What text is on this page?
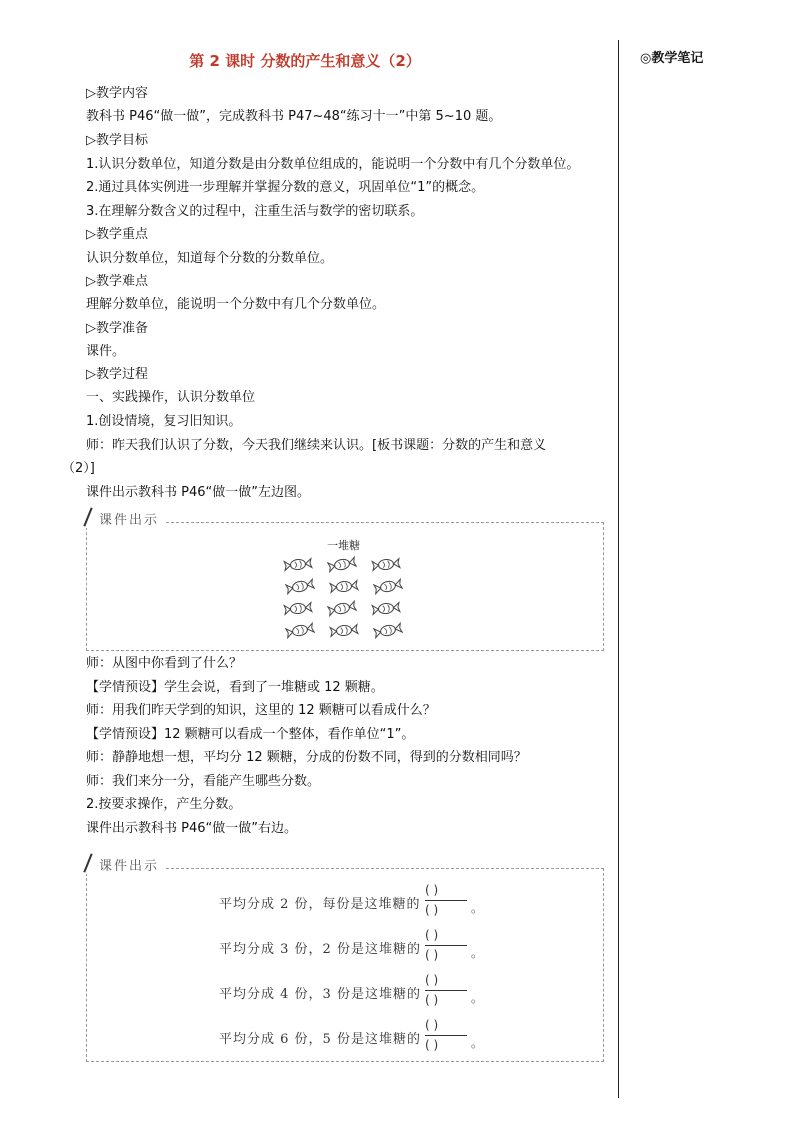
第 2 课时 分数的产生和意义（2）	◎教学笔记
▷教学内容
教科书 P46“做一做”，完成教科书 P47~48“练习十一”中第 5~10 题。
▷教学目标
1.认识分数单位，知道分数是由分数单位组成的，能说明一个分数中有几个分数单位。
2.通过具体实例进一步理解并掌握分数的意义，巩固单位“1”的概念。
3.在理解分数含义的过程中，注重生活与数学的密切联系。
▷教学重点
认识分数单位，知道每个分数的分数单位。
▷教学难点
理解分数单位，能说明一个分数中有几个分数单位。
▷教学准备
课件。
▷教学过程
一、实践操作，认识分数单位
1.创设情境，复习旧知识。
师：昨天我们认识了分数，今天我们继续来认识。[板书课题：分数的产生和意义
（2）]
课件出示教科书 P46“做一做”左边图。
课件出示
一堆糖
师：从图中你看到了什么？
【学情预设】学生会说，看到了一堆糖或 12 颗糖。
师：用我们昨天学到的知识，这里的 12 颗糖可以看成什么？
【学情预设】12 颗糖可以看成一个整体，看作单位“1”。
师：静静地想一想，平均分 12 颗糖，分成的份数不同，得到的分数相同吗？
师：我们来分一分，看能产生哪些分数。
2.按要求操作，产生分数。
课件出示教科书 P46“做一做”右边。
课件出示
平均分成 2 份，每份是这堆糖的
( )
( )	。
平均分成 3 份，2 份是这堆糖的
( )
( )	。
平均分成 4 份，3 份是这堆糖的
( )
( )	。
平均分成 6 份，5 份是这堆糖的
( )
( )	。
